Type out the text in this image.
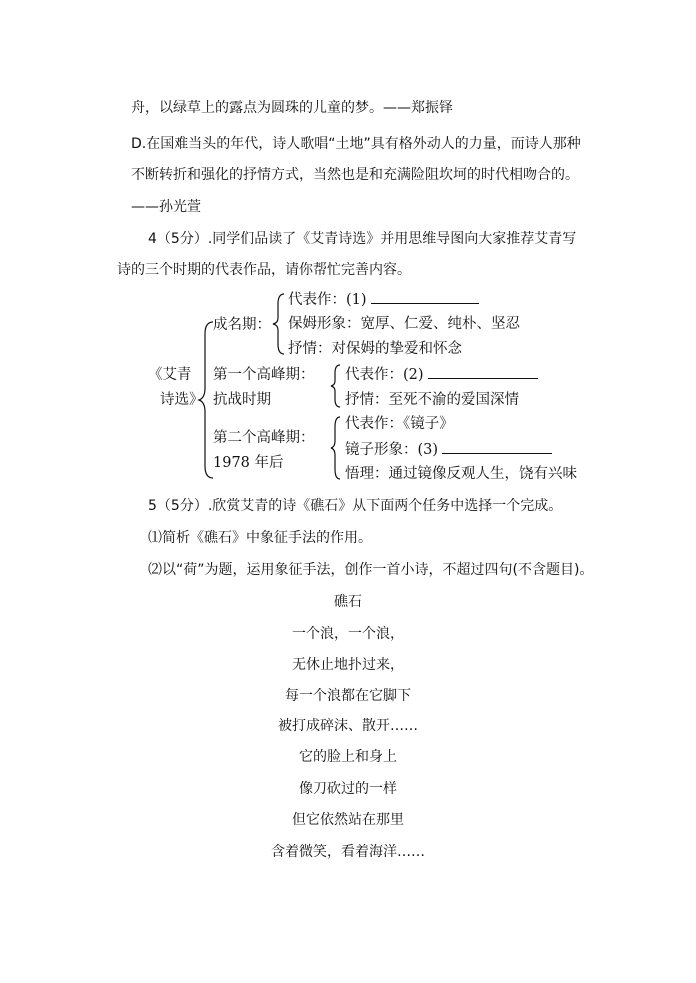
舟，以绿草上的露点为圆珠的儿童的梦。——郑振铎
D.在国难当头的年代，诗人歌唱“土地”具有格外动人的力量，而诗人那种
不断转折和强化的抒情方式，当然也是和充满险阻坎坷的时代相吻合的。
——孙光萱
4（5分）.同学们品读了《艾青诗选》并用思维导图向大家推荐艾青写
诗的三个时期的代表作品，请你帮忙完善内容。
《艾青
诗选》
成名期：
代表作：(1)
保姆形象：宽厚、仁爱、纯朴、坚忍
抒情：对保姆的挚爱和怀念
第一个高峰期：
抗战时期
代表作：(2)
抒情：至死不渝的爱国深情
第二个高峰期：
1978 年后
代表作：《镜子》
镜子形象：(3)
悟理：通过镜像反观人生，饶有兴味
5（5分）.欣赏艾青的诗《礁石》从下面两个任务中选择一个完成。
⑴简析《礁石》中象征手法的作用。
⑵以“荷”为题，运用象征手法，创作一首小诗，不超过四句(不含题目)。
礁石
一个浪，一个浪，
无休止地扑过来，
每一个浪都在它脚下
被打成碎沫、散开……
它的脸上和身上
像刀砍过的一样
但它依然站在那里
含着微笑，看着海洋……
